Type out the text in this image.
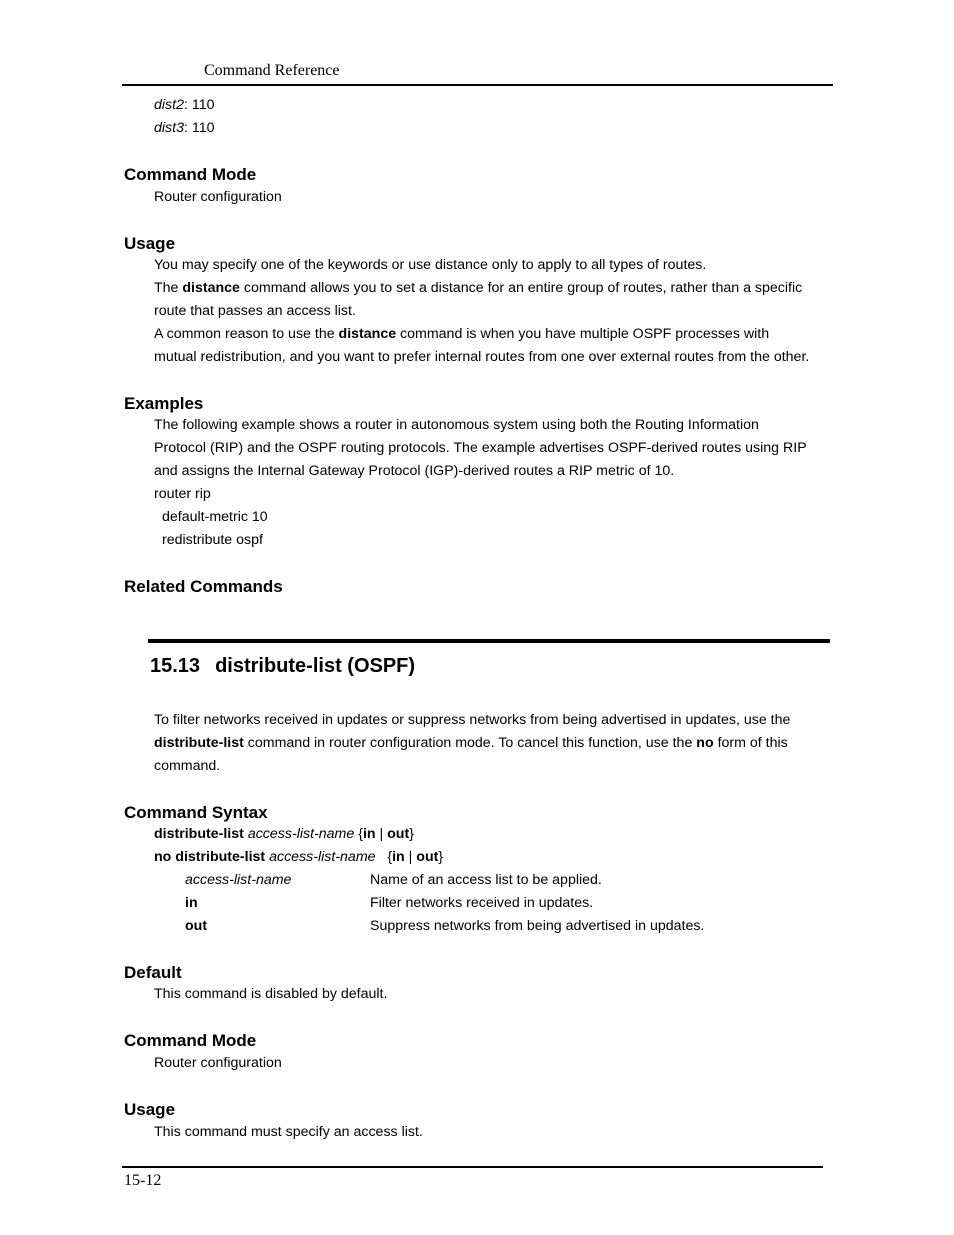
Command Reference
dist2: 110
dist3: 110
Command Mode
Router configuration
Usage
You may specify one of the keywords or use distance only to apply to all types of routes.
The distance command allows you to set a distance for an entire group of routes, rather than a specific
route that passes an access list.
A common reason to use the distance command is when you have multiple OSPF processes with
mutual redistribution, and you want to prefer internal routes from one over external routes from the other.
Examples
The following example shows a router in autonomous system using both the Routing Information
Protocol (RIP) and the OSPF routing protocols. The example advertises OSPF-derived routes using RIP
and assigns the Internal Gateway Protocol (IGP)-derived routes a RIP metric of 10.
router rip
default-metric 10
redistribute ospf
Related Commands
15.13 distribute-list (OSPF)
To filter networks received in updates or suppress networks from being advertised in updates, use the
distribute-list command in router configuration mode. To cancel this function, use the no form of this
command.
Command Syntax
distribute-list access-list-name {in | out}
no distribute-list access-list-name   {in | out}
access-list-name	Name of an access list to be applied.
in	Filter networks received in updates.
out	Suppress networks from being advertised in updates.
Default
This command is disabled by default.
Command Mode
Router configuration
Usage
This command must specify an access list.
15-12
